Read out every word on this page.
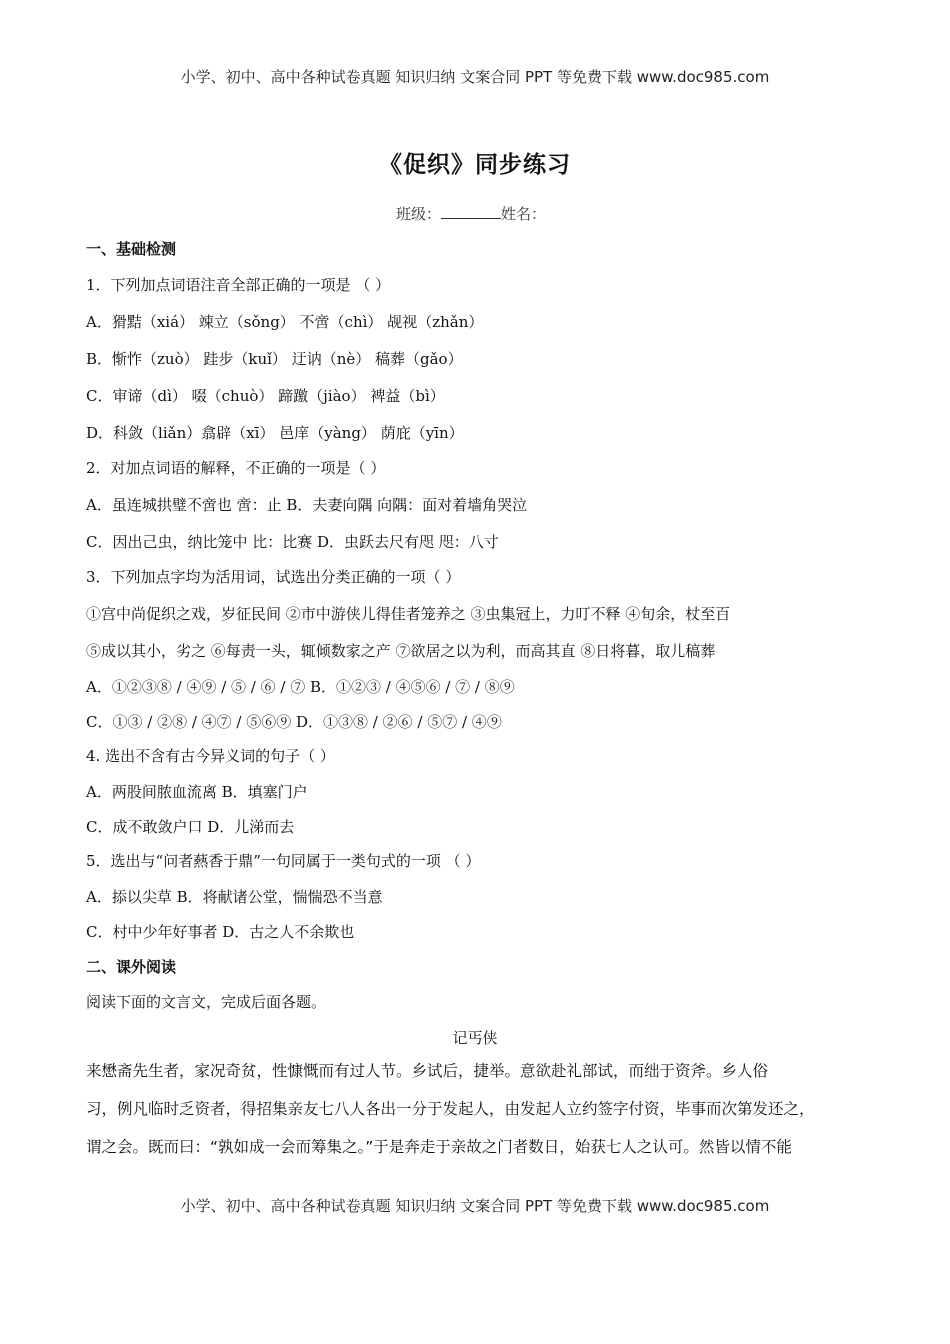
小学、初中、高中各种试卷真题 知识归纳 文案合同 PPT 等免费下载 www.doc985.com
《促织》同步练习
班级：	姓名：
一、基础检测
1．下列加点词语注音全部正确的一项是 （ ）
A．猾黠（xiá） 竦立（sǒng） 不啻（chì） 觇视（zhǎn）
B．惭怍（zuò） 跬步（kuǐ） 迂讷（nè） 稿葬（gǎo）
C．审谛（dì） 啜（chuò） 蹄躈（jiào） 裨益（bì）
D．科敛（liǎn）翕辟（xī） 邑庠（yàng） 荫庇（yīn）
2．对加点词语的解释，不正确的一项是（ ）
A．虽连城拱璧不啻也 啻：止 B．夫妻向隅 向隅：面对着墙角哭泣
C．因出己虫，纳比笼中 比：比赛 D．虫跃去尺有咫 咫：八寸
3．下列加点字均为活用词，试选出分类正确的一项（ ）
①宫中尚促织之戏，岁征民间 ②市中游侠儿得佳者笼养之 ③虫集冠上，力叮不释 ④旬余，杖至百
⑤成以其小，劣之 ⑥每责一头，辄倾数家之产 ⑦欲居之以为利，而高其直 ⑧日将暮，取儿稿葬
A．①②③⑧ / ④⑨ / ⑤ / ⑥ / ⑦ B．①②③ / ④⑤⑥ / ⑦ / ⑧⑨
C．①③ / ②⑧ / ④⑦ / ⑤⑥⑨ D．①③⑧ / ②⑥ / ⑤⑦ / ④⑨
4. 选出不含有古今异义词的句子（ ）
A．两股间脓血流离 B．填塞门户
C．成不敢敛户口 D．儿涕而去
5．选出与“问者爇香于鼎”一句同属于一类句式的一项 （ ）
A．掭以尖草 B．将献诸公堂，惴惴恐不当意
C．村中少年好事者 D．古之人不余欺也
二、课外阅读
阅读下面的文言文，完成后面各题。
记丐侠
来懋斋先生者，家况奇贫，性慷慨而有过人节。乡试后，捷举。意欲赴礼部试，而绌于资斧。乡人俗
习，例凡临时乏资者，得招集亲友七八人各出一分于发起人，由发起人立约签字付资，毕事而次第发还之，
谓之会。既而曰：“孰如成一会而筹集之。”于是奔走于亲故之门者数日，始获七人之认可。然皆以情不能
小学、初中、高中各种试卷真题 知识归纳 文案合同 PPT 等免费下载 www.doc985.com
